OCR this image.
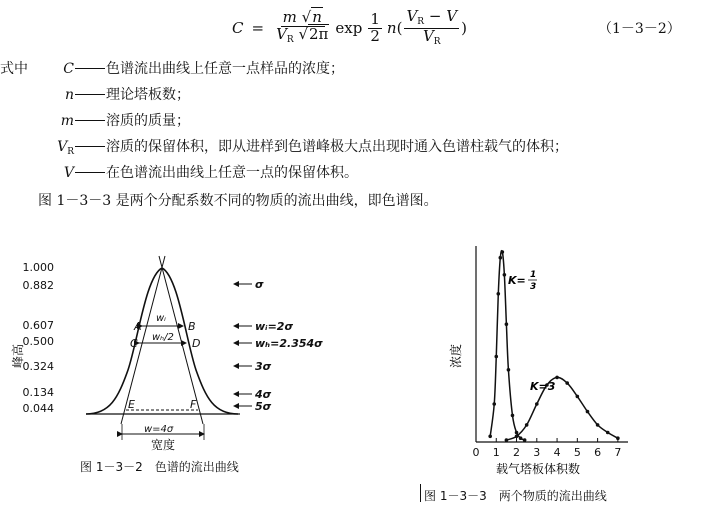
$C = \frac{m √n}{V_R √2\pi}$ $\exp \frac{1}{2}$ n ( $\frac{V_R - V}{V_R}$ )	（1－3－2）
式中	C 色谱流出曲线上任意一点样品的浓度；
n 理论塔板数；
m 溶质的质量；
$V_R$ 溶质的保留体积，即从进样到色谱峰极大点出现时通入色谱柱载气的体积；
V 在色谱流出曲线上任意一点的保留体积。
图 1－3－3 是两个分配系数不同的物质的流出曲线，即色谱图。
1.000
0.882
0.607
0.500
0.324
0.134
0.044
峰高
A	B
C	D
E	F
wᵢ
wₕ/2
w=4σ
宽度
σ
wᵢ=2σ
wₕ=2.354σ
3σ
4σ
5σ
图 1－3－2　色谱的流出曲线
0 1 2 3 4 5 6 7
浓度
载气塔板体积数
K= 1
3
K=3
图 1－3－3　两个物质的流出曲线
